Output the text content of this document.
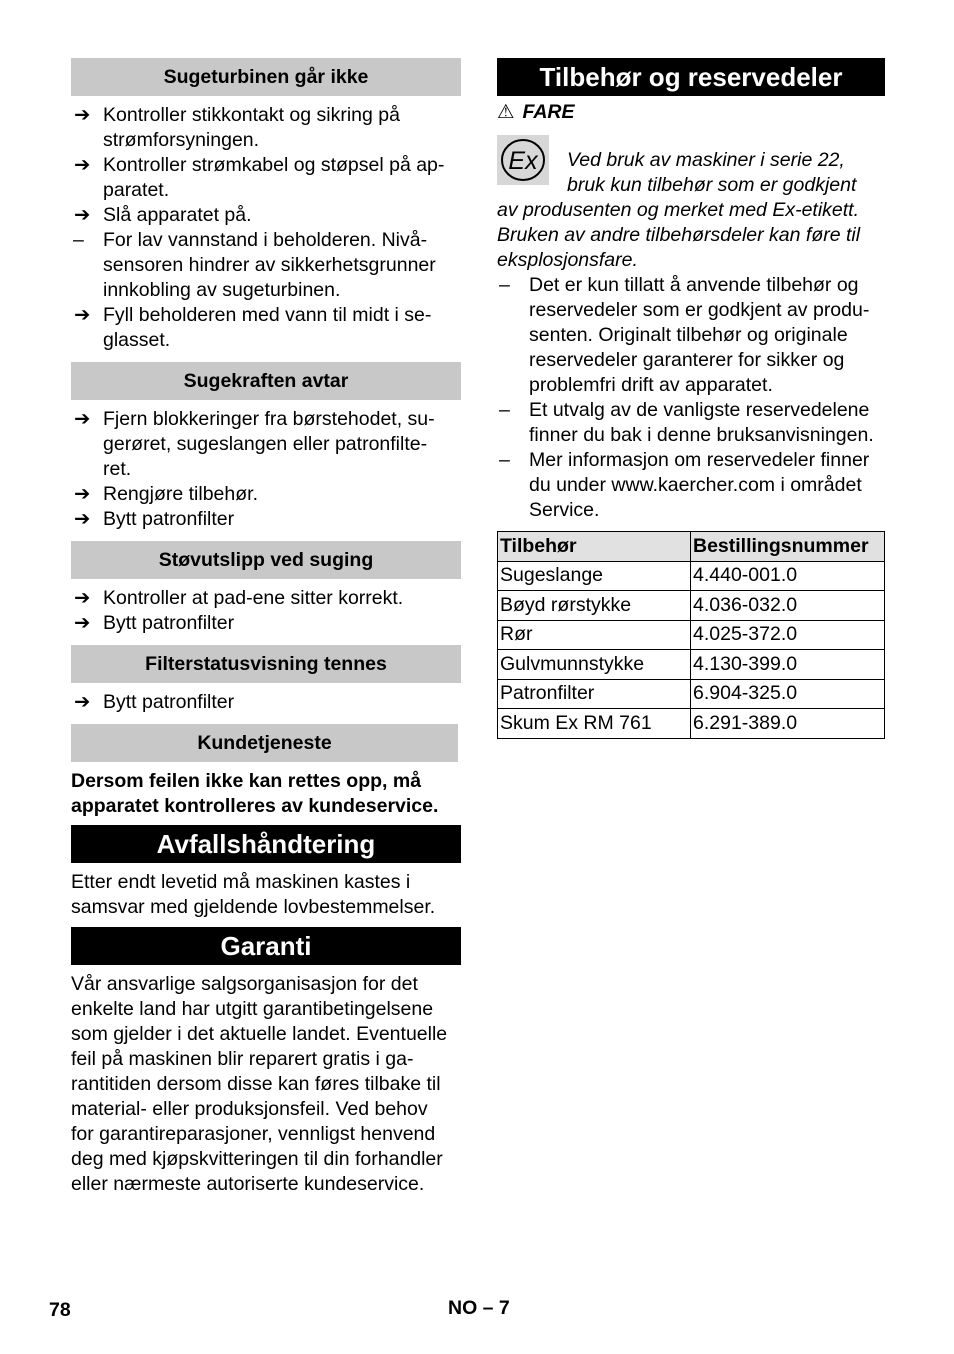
Sugeturbinen går ikke
➔ Kontroller stikkontakt og sikring på
strømforsyningen.
➔ Kontroller strømkabel og støpsel på ap-
paratet.
➔ Slå apparatet på.
– For lav vannstand i beholderen. Nivå-
sensoren hindrer av sikkerhetsgrunner
innkobling av sugeturbinen.
➔ Fyll beholderen med vann til midt i se-
glasset.
Sugekraften avtar
➔ Fjern blokkeringer fra børstehodet, su-
gerøret, sugeslangen eller patronfilte-
ret.
➔ Rengjøre tilbehør.
➔ Bytt patronfilter
Støvutslipp ved suging
➔ Kontroller at pad-ene sitter korrekt.
➔ Bytt patronfilter
Filterstatusvisning tennes
➔ Bytt patronfilter
Kundetjeneste

Dersom feilen ikke kan rettes opp, må
apparatet kontrolleres av kundeservice.

Avfallshåndtering

Etter endt levetid må maskinen kastes i
samsvar med gjeldende lovbestemmelser.

Garanti

Vår ansvarlige salgsorganisasjon for det
enkelte land har utgitt garantibetingelsene
som gjelder i det aktuelle landet. Eventuelle
feil på maskinen blir reparert gratis i ga-
rantitiden dersom disse kan føres tilbake til
material- eller produksjonsfeil. Ved behov
for garantireparasjoner, vennligst henvend
deg med kjøpskvitteringen til din forhandler
eller nærmeste autoriserte kundeservice.

Tilbehør og reservedeler
⚠ FARE
Ex	Ved bruk av maskiner i serie 22,
bruk kun tilbehør som er godkjent
av produsenten og merket med Ex-etikett.
Bruken av andre tilbehørsdeler kan føre til
eksplosjonsfare.
– Det er kun tillatt å anvende tilbehør og
reservedeler som er godkjent av produ-
senten. Originalt tilbehør og originale
reservedeler garanterer for sikker og
problemfri drift av apparatet.
– Et utvalg av de vanligste reservedelene
finner du bak i denne bruksanvisningen.
– Mer informasjon om reservedeler finner
du under www.kaercher.com i området
Service.
Tilbehør	Bestillingsnummer
Sugeslange	4.440-001.0
Bøyd rørstykke	4.036-032.0
Rør	4.025-372.0
Gulvmunnstykke	4.130-399.0
Patronfilter	6.904-325.0
Skum Ex RM 761	6.291-389.0
78	NO – 7
